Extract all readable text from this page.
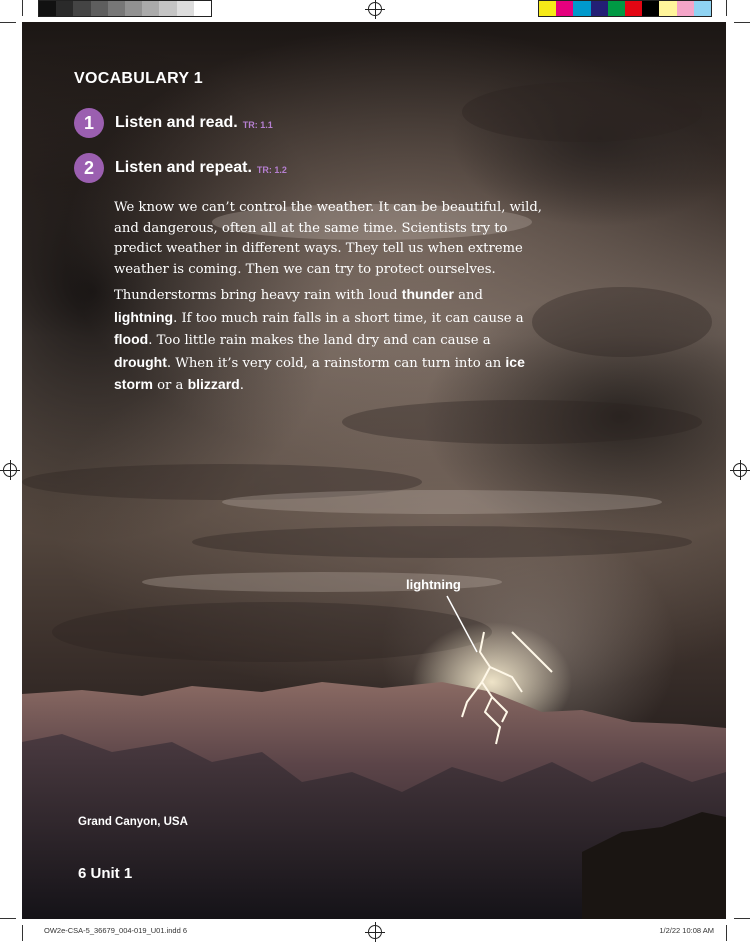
VOCABULARY 1
1	Listen and read. TR: 1.1
2	Listen and repeat. TR: 1.2

We know we can’t control the weather. It can be beautiful, wild, and dangerous, often all at the same time. Scientists try to predict weather in different ways. They tell us when extreme weather is coming. Then we can try to protect ourselves.

Thunderstorms bring heavy rain with loud thunder and lightning. If too much rain falls in a short time, it can cause a flood. Too little rain makes the land dry and can cause a drought. When it’s very cold, a rainstorm can turn into an ice storm or a blizzard.

lightning
Grand Canyon, USA
6 Unit 1
OW2e-CSA-5_36679_004-019_U01.indd 6	1/2/22 10:08 AM
